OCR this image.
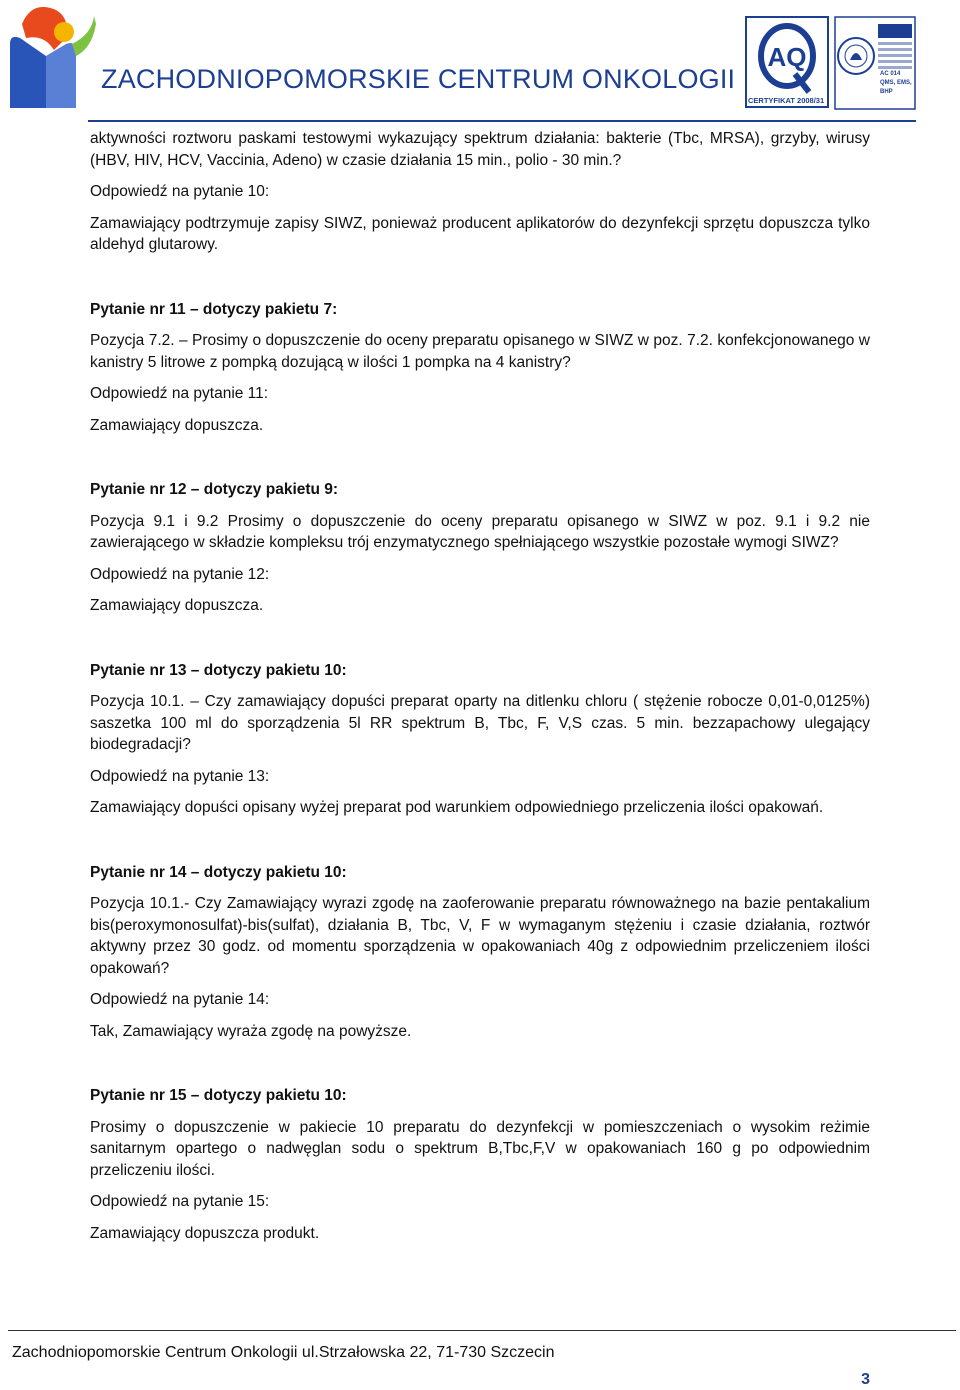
ZACHODNIOPOMORSKIE CENTRUM ONKOLOGII
AQ
CERTYFIKAT 2008/31
AC 014
QMS, EMS,
BHP

aktywności roztworu paskami testowymi wykazujący spektrum działania: bakterie (Tbc, MRSA), grzyby, wirusy (HBV, HIV, HCV, Vaccinia, Adeno) w czasie działania 15 min., polio - 30 min.?

Odpowiedź na pytanie 10:

Zamawiający podtrzymuje zapisy SIWZ, ponieważ producent aplikatorów do dezynfekcji sprzętu dopuszcza tylko aldehyd glutarowy.

Pytanie nr 11 – dotyczy pakietu 7:

Pozycja 7.2. – Prosimy o dopuszczenie do oceny preparatu opisanego w SIWZ w poz. 7.2. konfekcjonowanego w kanistry 5 litrowe z pompką dozującą w ilości 1 pompka na 4 kanistry?

Odpowiedź na pytanie 11:

Zamawiający dopuszcza.

Pytanie nr 12 – dotyczy pakietu 9:

Pozycja 9.1 i 9.2 Prosimy o dopuszczenie do oceny preparatu opisanego w SIWZ w poz. 9.1 i 9.2 nie zawierającego w składzie kompleksu trój enzymatycznego spełniającego wszystkie pozostałe wymogi SIWZ?

Odpowiedź na pytanie 12:

Zamawiający dopuszcza.

Pytanie nr 13 – dotyczy pakietu 10:

Pozycja 10.1. – Czy zamawiający dopuści preparat oparty na ditlenku chloru ( stężenie robocze 0,01-0,0125%) saszetka 100 ml do sporządzenia 5l RR spektrum B, Tbc, F, V,S czas. 5 min. bezzapachowy ulegający biodegradacji?

Odpowiedź na pytanie 13:

Zamawiający dopuści opisany wyżej preparat pod warunkiem odpowiedniego przeliczenia ilości opakowań.

Pytanie nr 14 – dotyczy pakietu 10:

Pozycja 10.1.- Czy Zamawiający wyrazi zgodę na zaoferowanie preparatu równoważnego na bazie pentakalium bis(peroxymonosulfat)-bis(sulfat), działania B, Tbc, V, F w wymaganym stężeniu i czasie działania, roztwór aktywny przez 30 godz. od momentu sporządzenia w opakowaniach 40g z odpowiednim przeliczeniem ilości opakowań?

Odpowiedź na pytanie 14:

Tak, Zamawiający wyraża zgodę na powyższe.

Pytanie nr 15 – dotyczy pakietu 10:

Prosimy o dopuszczenie w pakiecie 10 preparatu do dezynfekcji w pomieszczeniach o wysokim reżimie sanitarnym opartego o nadwęglan sodu o spektrum B,Tbc,F,V w opakowaniach 160 g po odpowiednim przeliczeniu ilości.

Odpowiedź na pytanie 15:

Zamawiający dopuszcza produkt.

Zachodniopomorskie Centrum Onkologii ul.Strzałowska 22, 71-730 Szczecin
3
